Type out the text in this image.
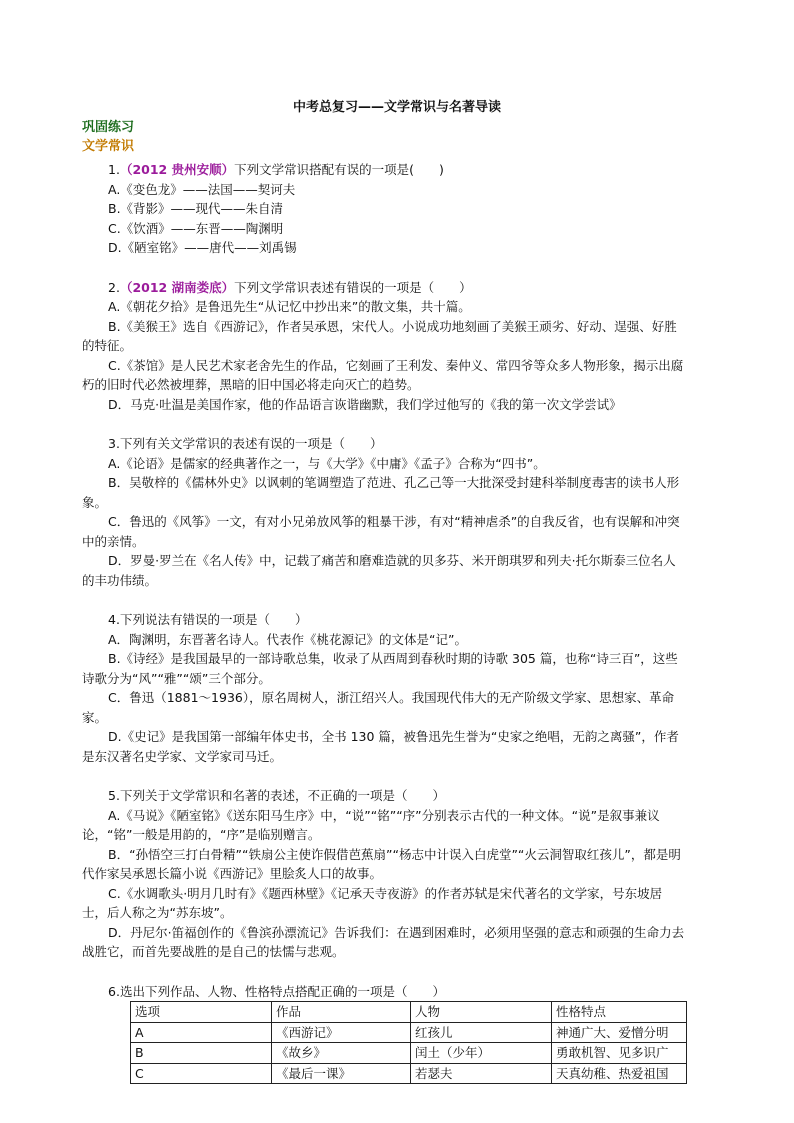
中考总复习——文学常识与名著导读
巩固练习
文学常识

1.（2012 贵州安顺）下列文学常识搭配有误的一项是(　　)

A.《变色龙》——法国——契诃夫

B.《背影》——现代——朱自清

C.《饮酒》——东晋——陶渊明

D.《陋室铭》——唐代——刘禹锡

2.（2012 湖南娄底）下列文学常识表述有错误的一项是（　　）

A.《朝花夕拾》是鲁迅先生“从记忆中抄出来”的散文集，共十篇。

B.《美猴王》选自《西游记》，作者吴承恩，宋代人。小说成功地刻画了美猴王顽劣、好动、逞强、好胜的特征。

C.《茶馆》是人民艺术家老舍先生的作品，它刻画了王利发、秦仲义、常四爷等众多人物形象，揭示出腐朽的旧时代必然被埋葬，黑暗的旧中国必将走向灭亡的趋势。

D．马克·吐温是美国作家，他的作品语言诙谐幽默，我们学过他写的《我的第一次文学尝试》

3.下列有关文学常识的表述有误的一项是（　　）

A.《论语》是儒家的经典著作之一，与《大学》《中庸》《孟子》合称为“四书”。

B．吴敬梓的《儒林外史》以讽刺的笔调塑造了范进、孔乙己等一大批深受封建科举制度毒害的读书人形象。

C．鲁迅的《风筝》一文，有对小兄弟放风筝的粗暴干涉，有对“精神虐杀”的自我反省，也有误解和冲突中的亲情。

D．罗曼·罗兰在《名人传》中，记载了痛苦和磨难造就的贝多芬、米开朗琪罗和列夫·托尔斯泰三位名人的丰功伟绩。

4.下列说法有错误的一项是（　　）

A．陶渊明，东晋著名诗人。代表作《桃花源记》的文体是“记”。

B.《诗经》是我国最早的一部诗歌总集，收录了从西周到春秋时期的诗歌 305 篇，也称“诗三百”，这些诗歌分为“风”“雅”“颂”三个部分。

C．鲁迅（1881～1936），原名周树人，浙江绍兴人。我国现代伟大的无产阶级文学家、思想家、革命家。

D.《史记》是我国第一部编年体史书，全书 130 篇，被鲁迅先生誉为“史家之绝唱，无韵之离骚”，作者是东汉著名史学家、文学家司马迁。

5.下列关于文学常识和名著的表述，不正确的一项是（　　）

A.《马说》《陋室铭》《送东阳马生序》中，“说”“铭”“序”分别表示古代的一种文体。“说”是叙事兼议论，“铭”一般是用韵的，“序”是临别赠言。

B．“孙悟空三打白骨精”“铁扇公主使诈假借芭蕉扇”“杨志中计误入白虎堂”“火云洞智取红孩儿”，都是明代作家吴承恩长篇小说《西游记》里脍炙人口的故事。

C.《水调歌头·明月几时有》《题西林壁》《记承天寺夜游》的作者苏轼是宋代著名的文学家，号东坡居士，后人称之为“苏东坡”。

D．丹尼尔·笛福创作的《鲁滨孙漂流记》告诉我们：在遇到困难时，必须用坚强的意志和顽强的生命力去战胜它，而首先要战胜的是自己的怯懦与悲观。

6.选出下列作品、人物、性格特点搭配正确的一项是（　　）

选项	作品	人物	性格特点
A	《西游记》	红孩儿	神通广大、爱憎分明
B	《故乡》	闰土（少年）	勇敢机智、见多识广
C	《最后一课》	若瑟夫	天真幼稚、热爱祖国
